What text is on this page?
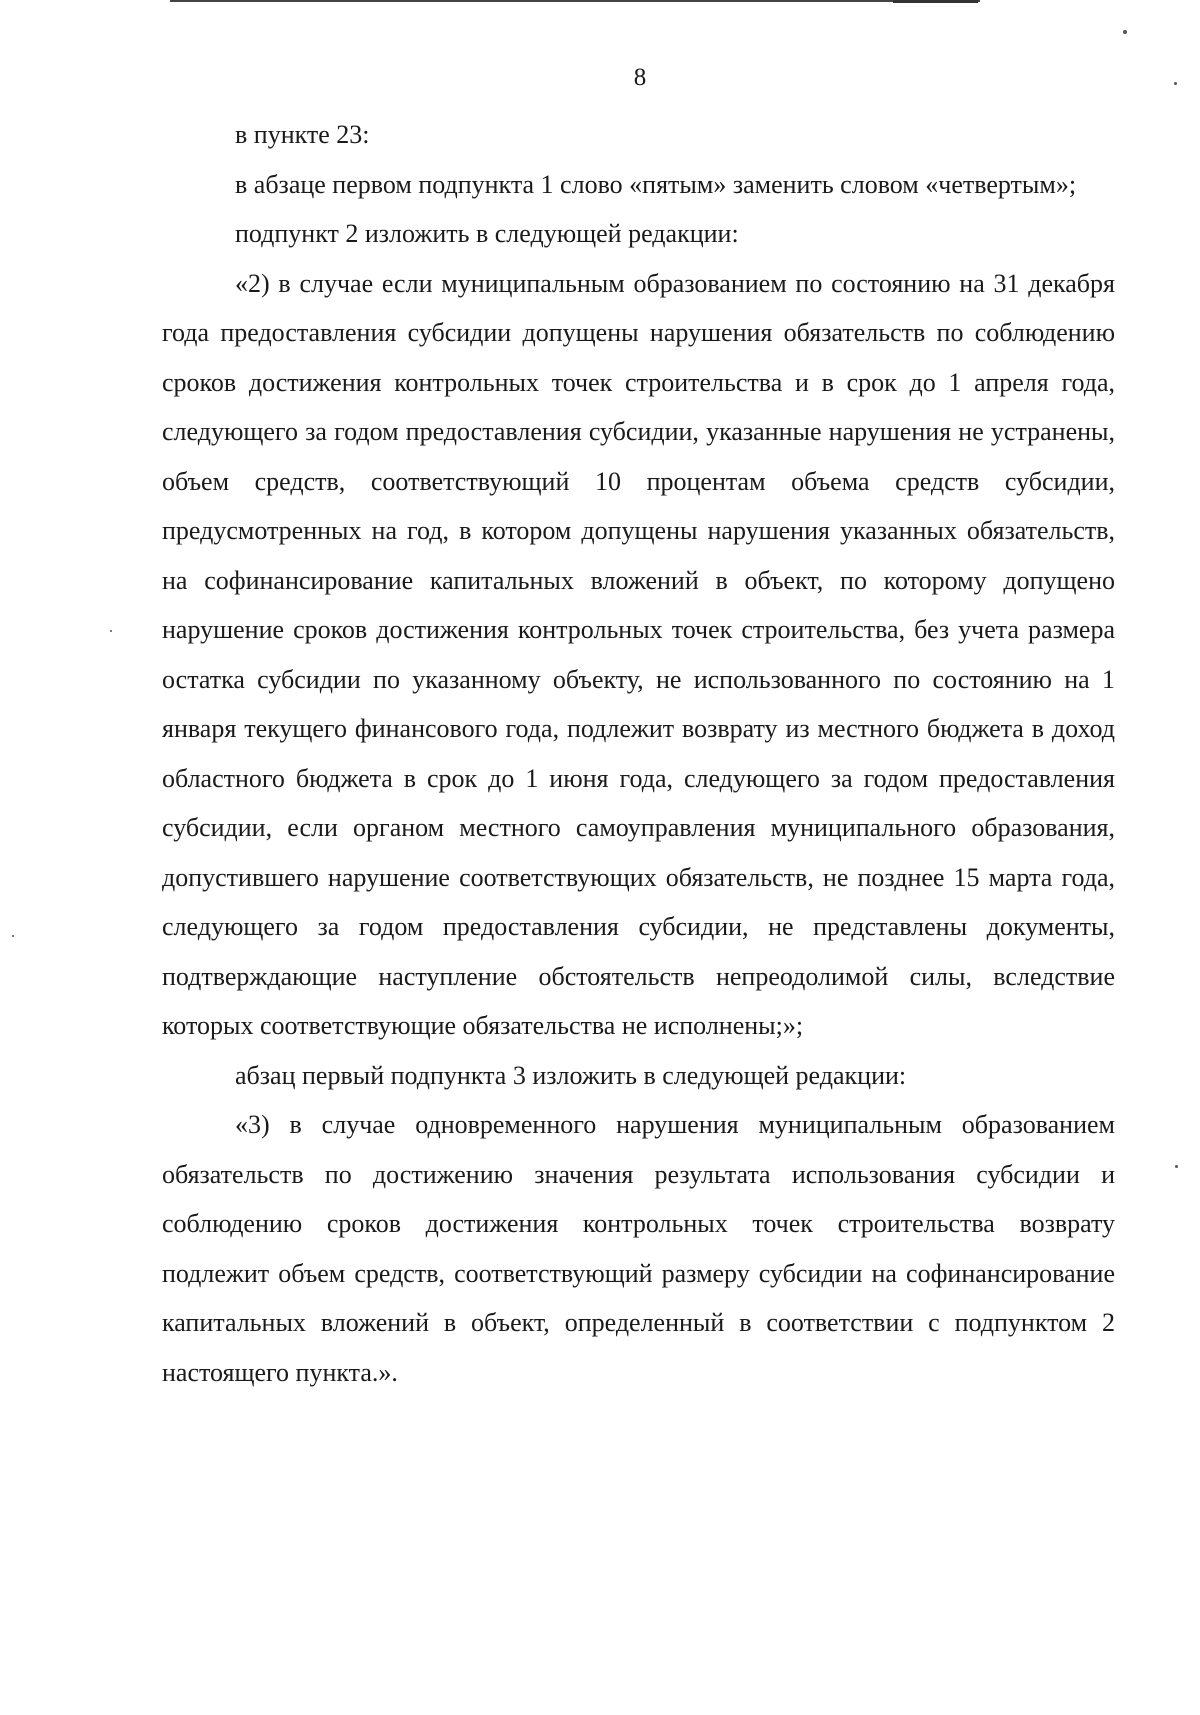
8

в пункте 23:

в абзаце первом подпункта 1 слово «пятым» заменить словом «четвертым»;

подпункт 2 изложить в следующей редакции:

«2) в случае если муниципальным образованием по состоянию на 31 декабря года предоставления субсидии допущены нарушения обязательств по соблюдению сроков достижения контрольных точек строительства и в срок до 1 апреля года, следующего за годом предоставления субсидии, указанные нарушения не устранены, объем средств, соответствующий 10 процентам объема средств субсидии, предусмотренных на год, в котором допущены нарушения указанных обязательств, на софинансирование капитальных вложений в объект, по которому допущено нарушение сроков достижения контрольных точек строительства, без учета размера остатка субсидии по указанному объекту, не использованного по состоянию на 1 января текущего финансового года, подлежит возврату из местного бюджета в доход областного бюджета в срок до 1 июня года, следующего за годом предоставления субсидии, если органом местного самоуправления муниципального образования, допустившего нарушение соответствующих обязательств, не позднее 15 марта года, следующего за годом предоставления субсидии, не представлены документы, подтверждающие наступление обстоятельств непреодолимой силы, вследствие которых соответствующие обязательства не исполнены;»;

абзац первый подпункта 3 изложить в следующей редакции:

«3) в случае одновременного нарушения муниципальным образованием обязательств по достижению значения результата использования субсидии и соблюдению сроков достижения контрольных точек строительства возврату подлежит объем средств, соответствующий размеру субсидии на софинансирование капитальных вложений в объект, определенный в соответствии с подпунктом 2 настоящего пункта.».
